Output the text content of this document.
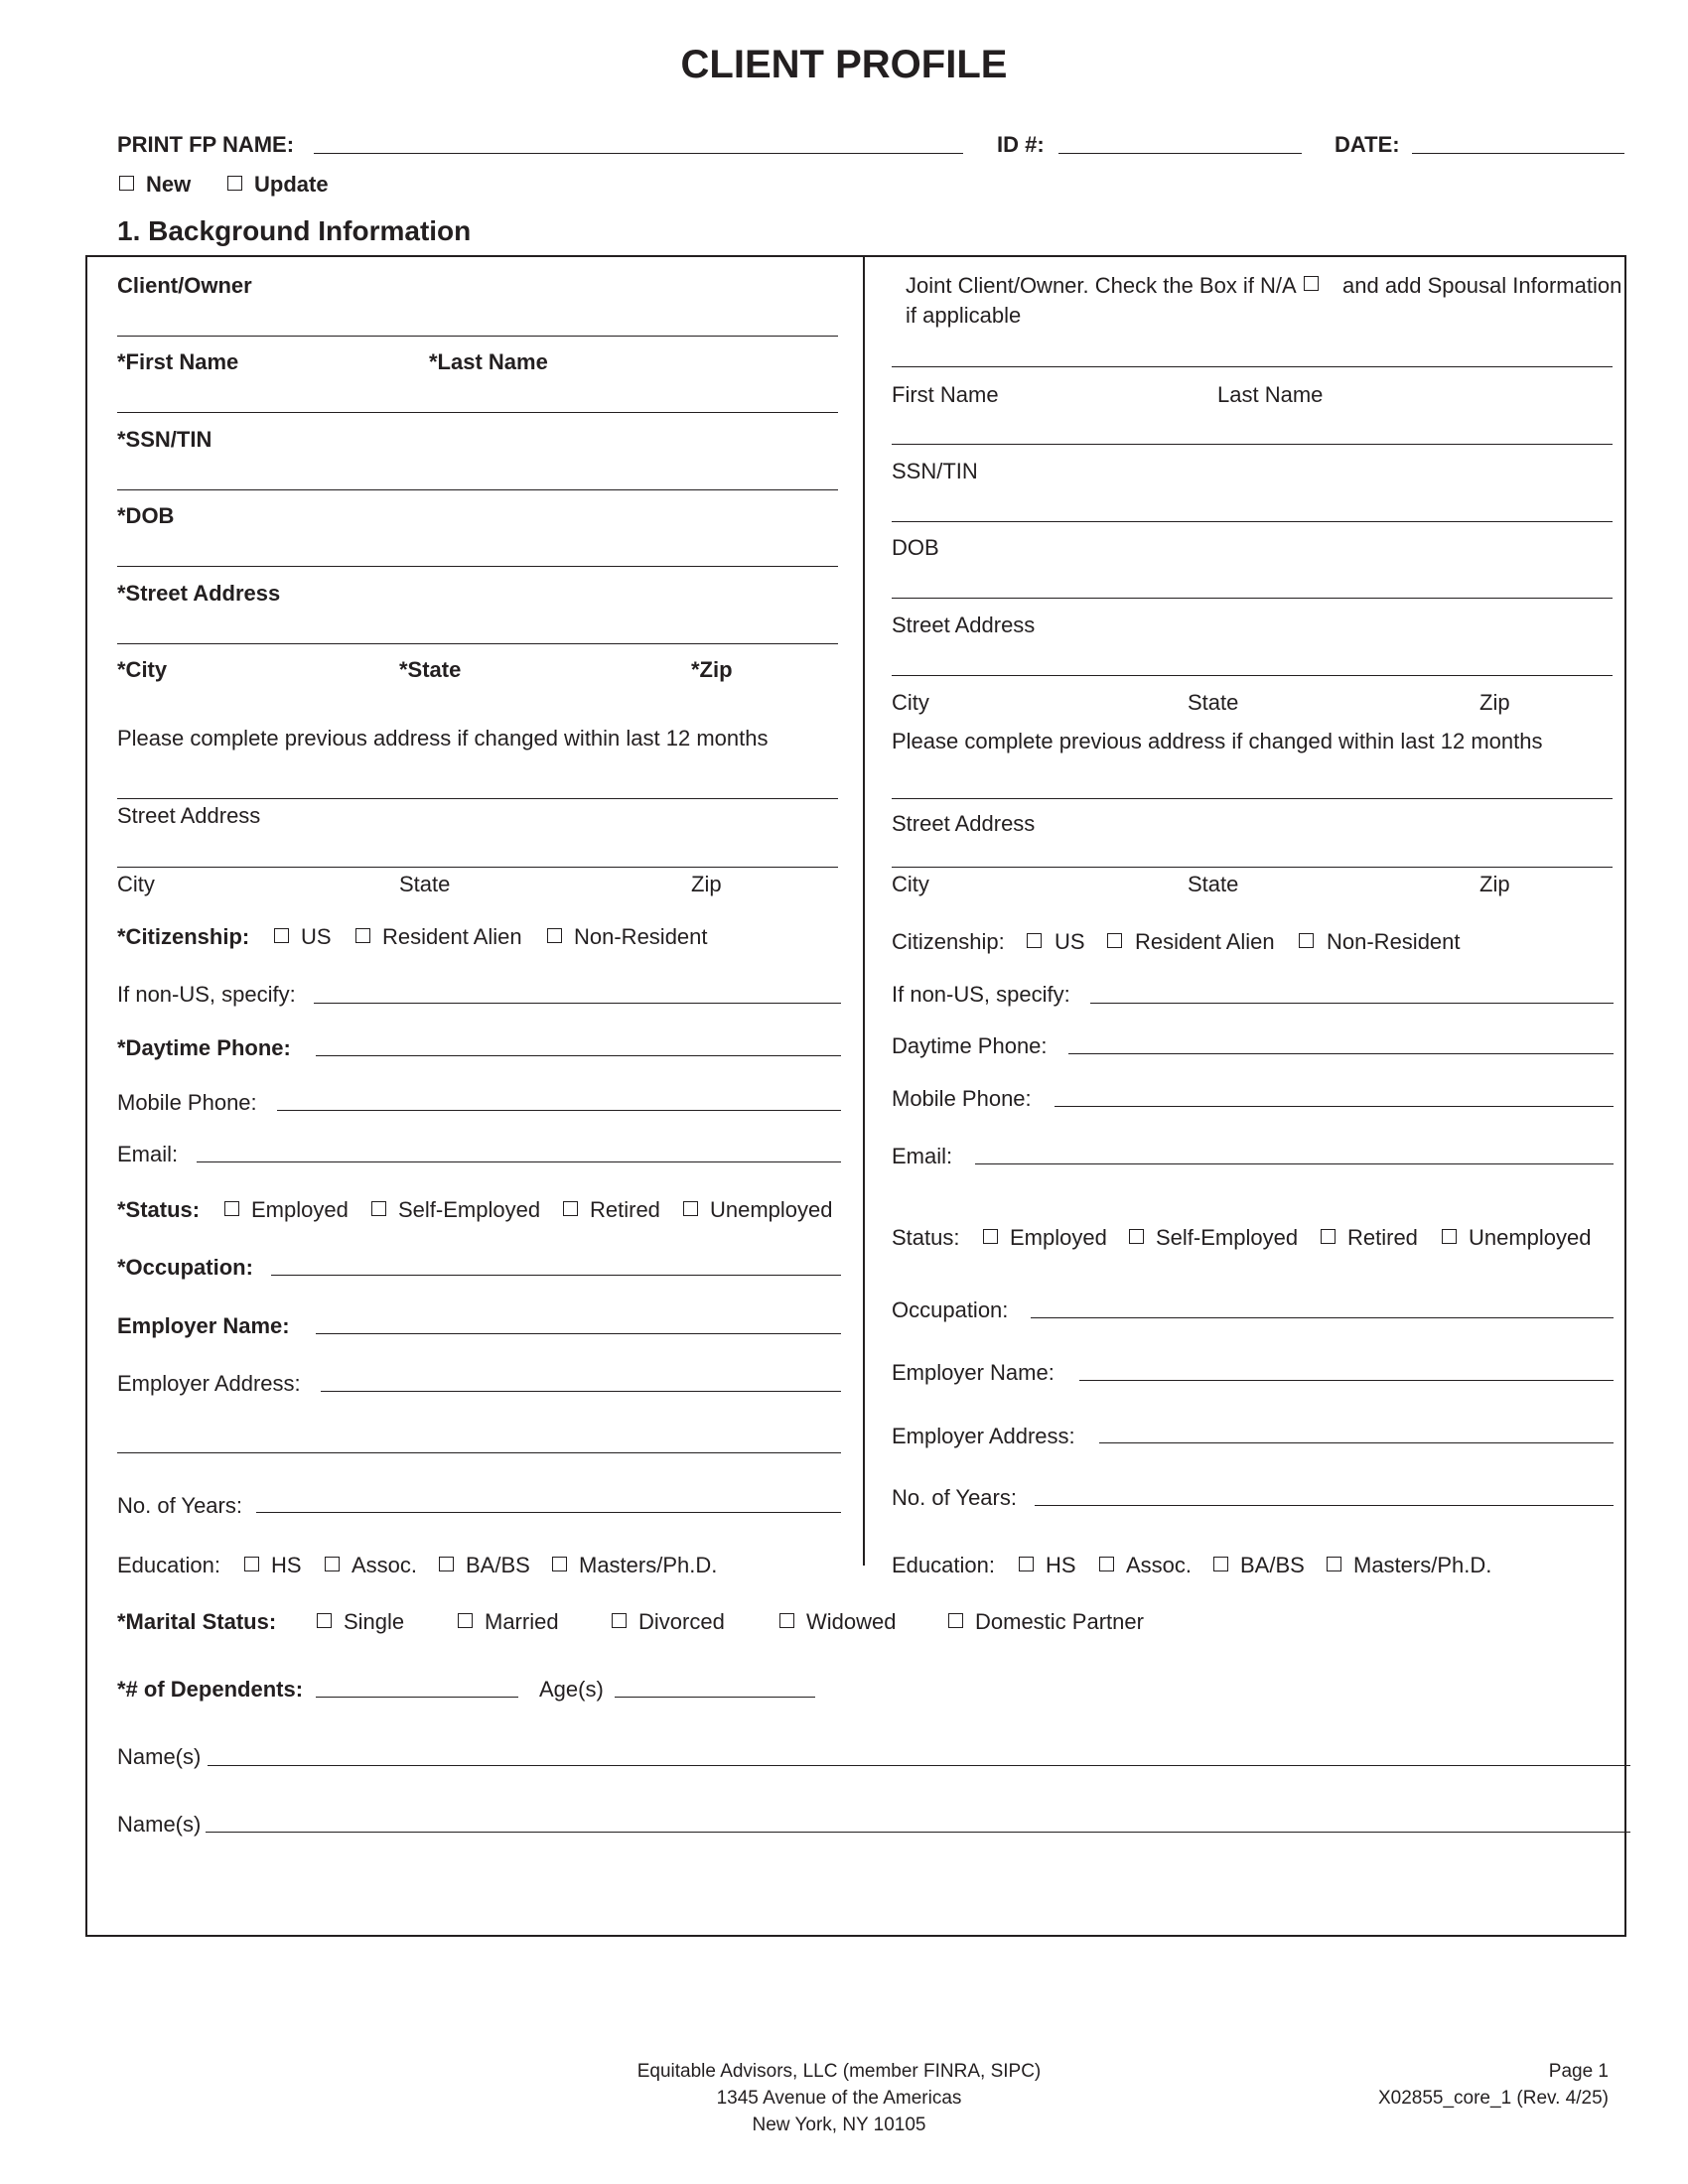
CLIENT PROFILE
PRINT FP NAME:	ID #:	DATE:
New	Update
1. Background Information
Client/Owner
*First Name	*Last Name
*SSN/TIN
*DOB
*Street Address
*City	*State	*Zip
Please complete previous address if changed within last 12 months
Street Address
City	State	Zip
*Citizenship: US Resident Alien Non-Resident
If non-US, specify:
*Daytime Phone:
Mobile Phone:
Email:
*Status: Employed Self-Employed Retired Unemployed
*Occupation:
Employer Name:
Employer Address:
No. of Years:
Education: HS Assoc. BA/BS Masters/Ph.D.
Joint Client/Owner. Check the Box if N/A and add Spousal Information
if applicable
First Name	Last Name
SSN/TIN
DOB
Street Address
City	State	Zip
Please complete previous address if changed within last 12 months
Street Address
City	State	Zip
Citizenship: US Resident Alien Non-Resident
If non-US, specify:
Daytime Phone:
Mobile Phone:
Email:
Status: Employed Self-Employed Retired Unemployed
Occupation:
Employer Name:
Employer Address:
No. of Years:
Education: HS Assoc. BA/BS Masters/Ph.D.
*Marital Status:	Single	Married	Divorced	Widowed	Domestic Partner
*# of Dependents:	Age(s)
Name(s)
Name(s)
Equitable Advisors, LLC (member FINRA, SIPC)
1345 Avenue of the Americas
New York, NY 10105
Page 1
X02855_core_1 (Rev. 4/25)
